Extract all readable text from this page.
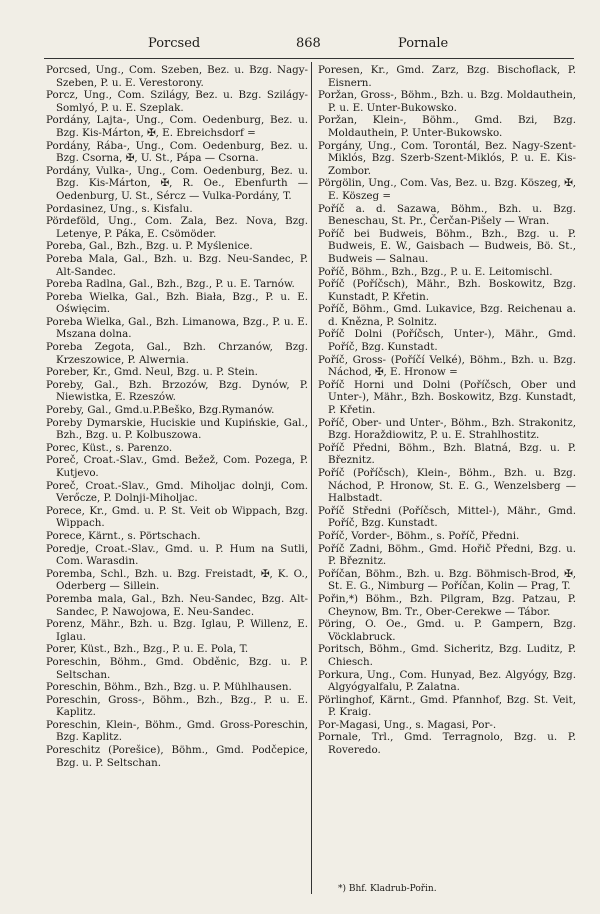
Porcsed	868	Pornale

Porcsed, Ung., Com. Szeben, Bez. u. Bzg. Nagy-Szeben, P. u. E. Verestorony.

Porcz, Ung., Com. Szilágy, Bez. u. Bzg. Szilágy-Somlyó, P. u. E. Szeplak.

Pordány, Lajta-, Ung., Com. Oedenburg, Bez. u. Bzg. Kis-Márton, ✠, E. Ebreichsdorf =

Pordány, Rába-, Ung., Com. Oedenburg, Bez. u. Bzg. Csorna, ✠, U. St., Pápa — Csorna.

Pordány, Vulka-, Ung., Com. Oedenburg, Bez. u. Bzg. Kis-Márton, ✠, R. Oe., Ebenfurth — Oedenburg, U. St., Sércz — Vulka-Pordány, T.

Pordasinez, Ung., s. Kisfalu.

Pördeföld, Ung., Com. Zala, Bez. Nova, Bzg. Letenye, P. Páka, E. Csömöder.

Poreba, Gal., Bzh., Bzg. u. P. Myślenice.

Poreba Mala, Gal., Bzh. u. Bzg. Neu-Sandec, P. Alt-Sandec.

Poreba Radlna, Gal., Bzh., Bzg., P. u. E. Tarnów.

Poreba Wielka, Gal., Bzh. Biała, Bzg., P. u. E. Oświęcim.

Poreba Wielka, Gal., Bzh. Limanowa, Bzg., P. u. E. Mszana dolna.

Poreba Zegota, Gal., Bzh. Chrzanów, Bzg. Krzeszowice, P. Alwernia.

Poreber, Kr., Gmd. Neul, Bzg. u. P. Stein.

Poreby, Gal., Bzh. Brzozów, Bzg. Dynów, P. Niewistka, E. Rzeszów.

Poreby, Gal., Gmd.u.P.Beško, Bzg.Rymanów.

Poreby Dymarskie, Huciskie und Kupińskie, Gal., Bzh., Bzg. u. P. Kolbuszowa.

Porec, Küst., s. Parenzo.

Poreč, Croat.-Slav., Gmd. Bežež, Com. Pozega, P. Kutjevo.

Poreč, Croat.-Slav., Gmd. Miholjac dolnji, Com. Verőcze, P. Dolnji-Miholjac.

Porece, Kr., Gmd. u. P. St. Veit ob Wippach, Bzg. Wippach.

Porece, Kärnt., s. Pörtschach.

Poredje, Croat.-Slav., Gmd. u. P. Hum na Sutli, Com. Warasdin.

Poremba, Schl., Bzh. u. Bzg. Freistadt, ✠, K. O., Oderberg — Sillein.

Poremba mala, Gal., Bzh. Neu-Sandec, Bzg. Alt-Sandec, P. Nawojowa, E. Neu-Sandec.

Porenz, Mähr., Bzh. u. Bzg. Iglau, P. Willenz, E. Iglau.

Porer, Küst., Bzh., Bzg., P. u. E. Pola, T.

Poreschin, Böhm., Gmd. Obděnic, Bzg. u. P. Seltschan.

Poreschin, Böhm., Bzh., Bzg. u. P. Mühlhausen.

Poreschin, Gross-, Böhm., Bzh., Bzg., P. u. E. Kaplitz.

Poreschin, Klein-, Böhm., Gmd. Gross-Poreschin, Bzg. Kaplitz.

Poreschitz (Porešice), Böhm., Gmd. Podčepice, Bzg. u. P. Seltschan.

Poresen, Kr., Gmd. Zarz, Bzg. Bischoflack, P. Eisnern.

Poržan, Gross-, Böhm., Bzh. u. Bzg. Moldauthein, P. u. E. Unter-Bukowsko.

Poržan, Klein-, Böhm., Gmd. Bzi, Bzg. Moldauthein, P. Unter-Bukowsko.

Porgány, Ung., Com. Torontál, Bez. Nagy-Szent-Miklós, Bzg. Szerb-Szent-Miklós, P. u. E. Kis-Zombor.

Pörgölin, Ung., Com. Vas, Bez. u. Bzg. Köszeg, ✠, E. Köszeg =

Poříč a. d. Sazawa, Böhm., Bzh. u. Bzg. Beneschau, St. Pr., Čerčan-Pišely — Wran.

Poříč bei Budweis, Böhm., Bzh., Bzg. u. P. Budweis, E. W., Gaisbach — Budweis, Bö. St., Budweis — Salnau.

Poříč, Böhm., Bzh., Bzg., P. u. E. Leitomischl.

Poříč (Poříčsch), Mähr., Bzh. Boskowitz, Bzg. Kunstadt, P. Křetin.

Poříč, Böhm., Gmd. Lukavice, Bzg. Reichenau a. d. Knězna, P. Solnitz.

Poříč Dolni (Poříčsch, Unter-), Mähr., Gmd. Poříč, Bzg. Kunstadt.

Poříč, Gross- (Poříčí Velké), Böhm., Bzh. u. Bzg. Náchod, ✠, E. Hronow =

Poříč Horni und Dolni (Poříčsch, Ober und Unter-), Mähr., Bzh. Boskowitz, Bzg. Kunstadt, P. Křetin.

Poříč, Ober- und Unter-, Böhm., Bzh. Strakonitz, Bzg. Horaždiowitz, P. u. E. Strahlhostitz.

Poříč Předni, Böhm., Bzh. Blatná, Bzg. u. P. Březnitz.

Poříč (Poříčsch), Klein-, Böhm., Bzh. u. Bzg. Náchod, P. Hronow, St. E. G., Wenzelsberg — Halbstadt.

Poříč Středni (Poříčsch, Mittel-), Mähr., Gmd. Poříč, Bzg. Kunstadt.

Poříč, Vorder-, Böhm., s. Poříč, Předni.

Poříč Zadni, Böhm., Gmd. Hořič Předni, Bzg. u. P. Březnitz.

Poříčan, Böhm., Bzh. u. Bzg. Böhmisch-Brod, ✠, St. E. G., Nimburg — Poříčan, Kolin — Prag, T.

Pořin,*) Böhm., Bzh. Pilgram, Bzg. Patzau, P. Cheynow, Bm. Tr., Ober-Cerekwe — Tábor.

Pöring, O. Oe., Gmd. u. P. Gampern, Bzg. Vöcklabruck.

Poritsch, Böhm., Gmd. Sicheritz, Bzg. Luditz, P. Chiesch.

Porkura, Ung., Com. Hunyad, Bez. Algyógy, Bzg. Algyógyalfalu, P. Zalatna.

Pörlinghof, Kärnt., Gmd. Pfannhof, Bzg. St. Veit, P. Kraig.

Por-Magasi, Ung., s. Magasi, Por-.

Pornale, Trl., Gmd. Terragnolo, Bzg. u. P. Roveredo.

*) Bhf. Kladrub-Pořin.
